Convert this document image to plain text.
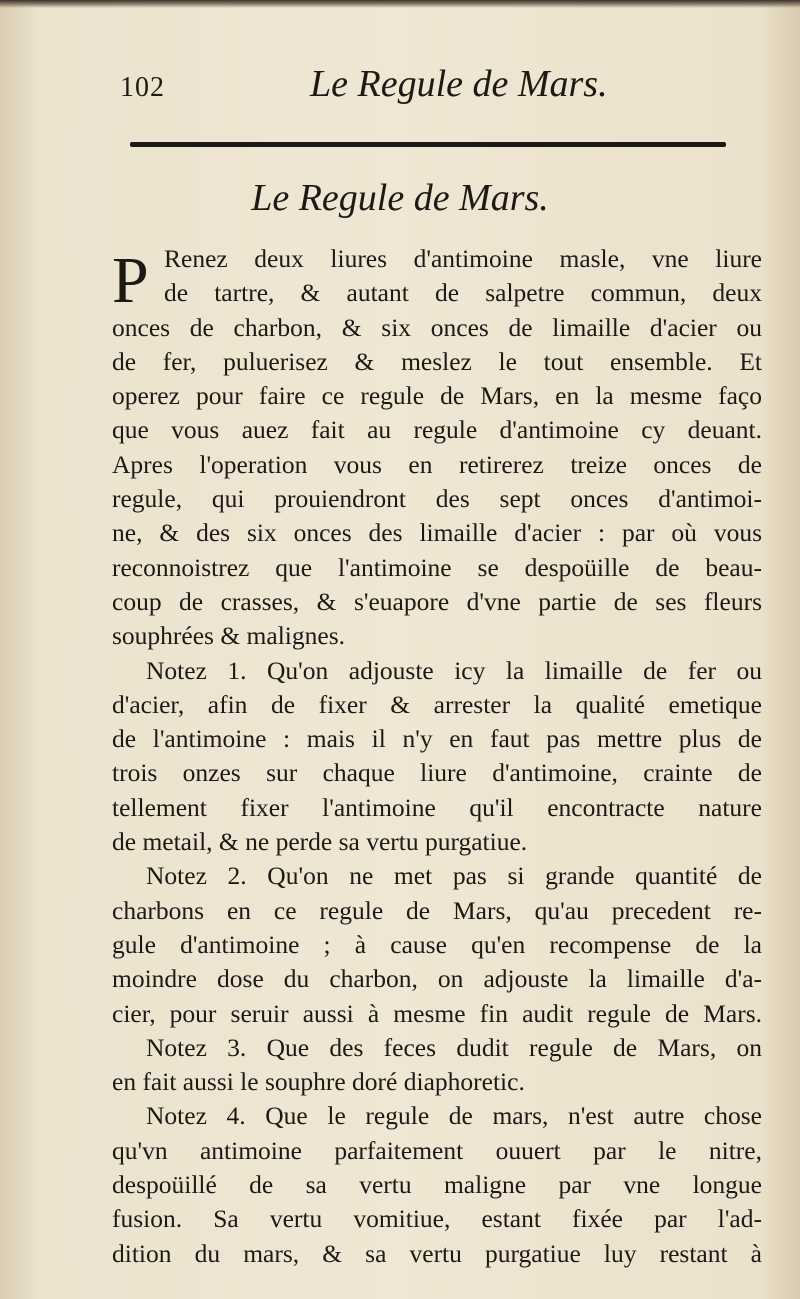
102	Le Regule de Mars.
Le Regule de Mars.
P Renez deux liures d'antimoine masle, vne liure
de tartre, & autant de salpetre commun, deux
onces de charbon, & six onces de limaille d'acier ou
de fer, puluerisez & meslez le tout ensemble. Et
operez pour faire ce regule de Mars, en la mesme faço
que vous auez fait au regule d'antimoine cy deuant.
Apres l'operation vous en retirerez treize onces de
regule, qui prouiendront des sept onces d'antimoi-
ne, & des six onces des limaille d'acier : par où vous
reconnoistrez que l'antimoine se despoüille de beau-
coup de crasses, & s'euapore d'vne partie de ses fleurs
souphrées & malignes.
Notez 1. Qu'on adjouste icy la limaille de fer ou
d'acier, afin de fixer & arrester la qualité emetique
de l'antimoine : mais il n'y en faut pas mettre plus de
trois onzes sur chaque liure d'antimoine, crainte de
tellement fixer l'antimoine qu'il encontracte nature
de metail, & ne perde sa vertu purgatiue.
Notez 2. Qu'on ne met pas si grande quantité de
charbons en ce regule de Mars, qu'au precedent re-
gule d'antimoine ; à cause qu'en recompense de la
moindre dose du charbon, on adjouste la limaille d'a-
cier, pour seruir aussi à mesme fin audit regule de Mars.
Notez 3. Que des feces dudit regule de Mars, on
en fait aussi le souphre doré diaphoretic.
Notez 4. Que le regule de mars, n'est autre chose
qu'vn antimoine parfaitement ouuert par le nitre,
despoüillé de sa vertu maligne par vne longue
fusion. Sa vertu vomitiue, estant fixée par l'ad-
dition du mars, & sa vertu purgatiue luy restant à
